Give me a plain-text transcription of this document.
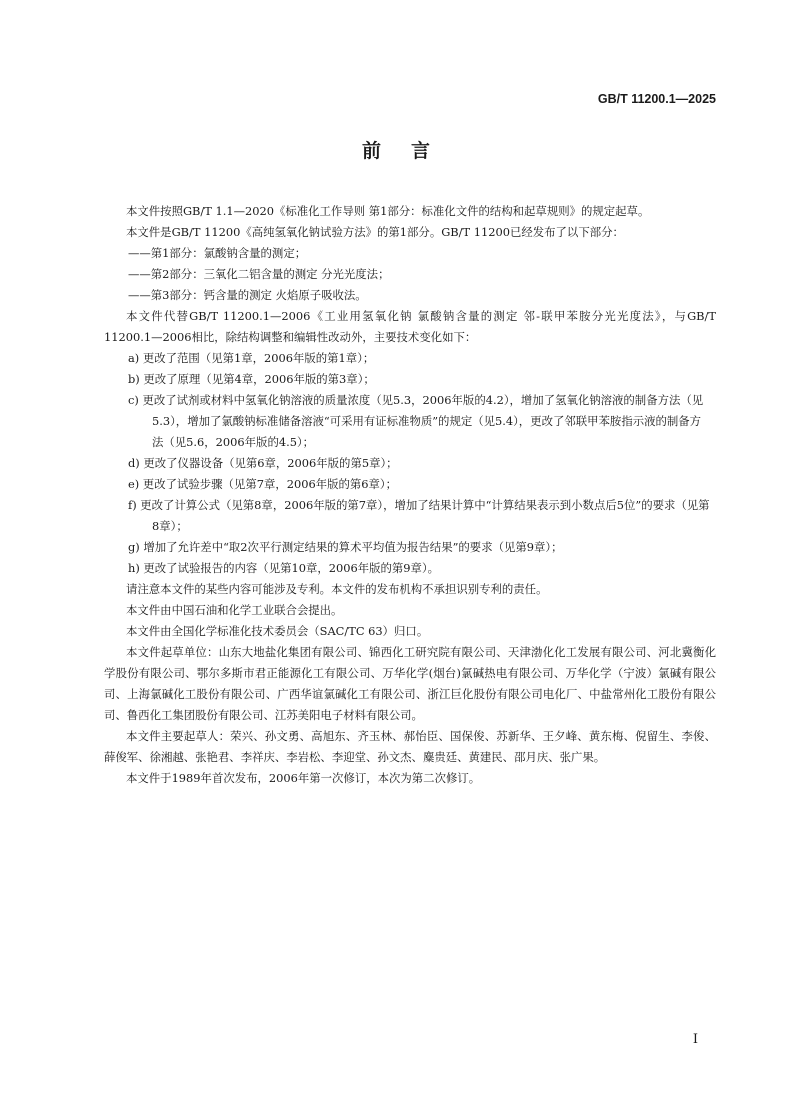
GB/T 11200.1—2025
前言

本文件按照GB/T 1.1—2020《标准化工作导则 第1部分：标准化文件的结构和起草规则》的规定起草。

本文件是GB/T 11200《高纯氢氧化钠试验方法》的第1部分。GB/T 11200已经发布了以下部分：

——第1部分：氯酸钠含量的测定；

——第2部分：三氧化二铝含量的测定 分光光度法；

——第3部分：钙含量的测定 火焰原子吸收法。

本文件代替GB/T 11200.1—2006《工业用氢氧化钠 氯酸钠含量的测定 邻-联甲苯胺分光光度法》，与GB/T 11200.1—2006相比，除结构调整和编辑性改动外，主要技术变化如下：

a) 更改了范围（见第1章，2006年版的第1章）；

b) 更改了原理（见第4章，2006年版的第3章）；

c) 更改了试剂或材料中氢氧化钠溶液的质量浓度（见5.3，2006年版的4.2），增加了氢氧化钠溶液的制备方法（见5.3），增加了氯酸钠标准储备溶液“可采用有证标准物质”的规定（见5.4），更改了邻联甲苯胺指示液的制备方法（见5.6，2006年版的4.5）；

d) 更改了仪器设备（见第6章，2006年版的第5章）；

e) 更改了试验步骤（见第7章，2006年版的第6章）；

f) 更改了计算公式（见第8章，2006年版的第7章），增加了结果计算中“计算结果表示到小数点后5位”的要求（见第8章）；

g) 增加了允许差中“取2次平行测定结果的算术平均值为报告结果”的要求（见第9章）；

h) 更改了试验报告的内容（见第10章，2006年版的第9章）。

请注意本文件的某些内容可能涉及专利。本文件的发布机构不承担识别专利的责任。

本文件由中国石油和化学工业联合会提出。

本文件由全国化学标准化技术委员会（SAC/TC 63）归口。

本文件起草单位：山东大地盐化集团有限公司、锦西化工研究院有限公司、天津渤化化工发展有限公司、河北冀衡化学股份有限公司、鄂尔多斯市君正能源化工有限公司、万华化学(烟台)氯碱热电有限公司、万华化学（宁波）氯碱有限公司、上海氯碱化工股份有限公司、广西华谊氯碱化工有限公司、浙江巨化股份有限公司电化厂、中盐常州化工股份有限公司、鲁西化工集团股份有限公司、江苏美阳电子材料有限公司。

本文件主要起草人：荣兴、孙文勇、高旭东、齐玉林、郝怡臣、国保俊、苏新华、王夕峰、黄东梅、倪留生、李俊、薛俊军、徐湘越、张艳君、李祥庆、李岩松、李迎堂、孙文杰、麋贵廷、黄建民、邵月庆、张广果。

本文件于1989年首次发布，2006年第一次修订，本次为第二次修订。

I
